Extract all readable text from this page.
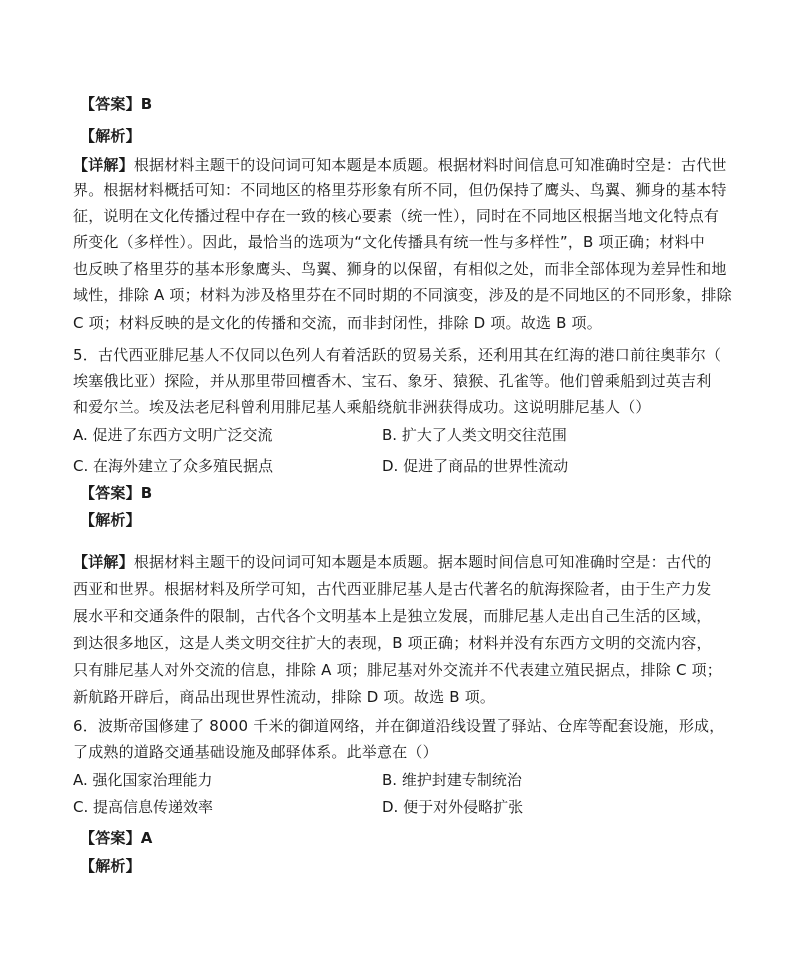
【答案】B
【解析】
【详解】根据材料主题干的设问词可知本题是本质题。根据材料时间信息可知准确时空是：古代世
界。根据材料概括可知：不同地区的格里芬形象有所不同，但仍保持了鹰头、鸟翼、狮身的基本特
征，说明在文化传播过程中存在一致的核心要素（统一性），同时在不同地区根据当地文化特点有
所变化（多样性）。因此，最恰当的选项为“文化传播具有统一性与多样性”，B 项正确；材料中
也反映了格里芬的基本形象鹰头、鸟翼、狮身的以保留，有相似之处，而非全部体现为差异性和地
域性，排除 A 项；材料为涉及格里芬在不同时期的不同演变，涉及的是不同地区的不同形象，排除
C 项；材料反映的是文化的传播和交流，而非封闭性，排除 D 项。故选 B 项。
5．古代西亚腓尼基人不仅同以色列人有着活跃的贸易关系，还利用其在红海的港口前往奥菲尔（
埃塞俄比亚）探险，并从那里带回檀香木、宝石、象牙、猿猴、孔雀等。他们曾乘船到过英吉利
和爱尔兰。埃及法老尼科曾利用腓尼基人乘船绕航非洲获得成功。这说明腓尼基人（）
A. 促进了东西方文明广泛交流	B. 扩大了人类文明交往范围
C. 在海外建立了众多殖民据点	D. 促进了商品的世界性流动
【答案】B
【解析】
【详解】根据材料主题干的设问词可知本题是本质题。据本题时间信息可知准确时空是：古代的
西亚和世界。根据材料及所学可知，古代西亚腓尼基人是古代著名的航海探险者，由于生产力发
展水平和交通条件的限制，古代各个文明基本上是独立发展，而腓尼基人走出自己生活的区域，
到达很多地区，这是人类文明交往扩大的表现，B 项正确；材料并没有东西方文明的交流内容，
只有腓尼基人对外交流的信息，排除 A 项；腓尼基对外交流并不代表建立殖民据点，排除 C 项；
新航路开辟后，商品出现世界性流动，排除 D 项。故选 B 项。
6．波斯帝国修建了 8000 千米的御道网络，并在御道沿线设置了驿站、仓库等配套设施，形成，
了成熟的道路交通基础设施及邮驿体系。此举意在（）
A. 强化国家治理能力	B. 维护封建专制统治
C. 提高信息传递效率	D. 便于对外侵略扩张
【答案】A
【解析】
